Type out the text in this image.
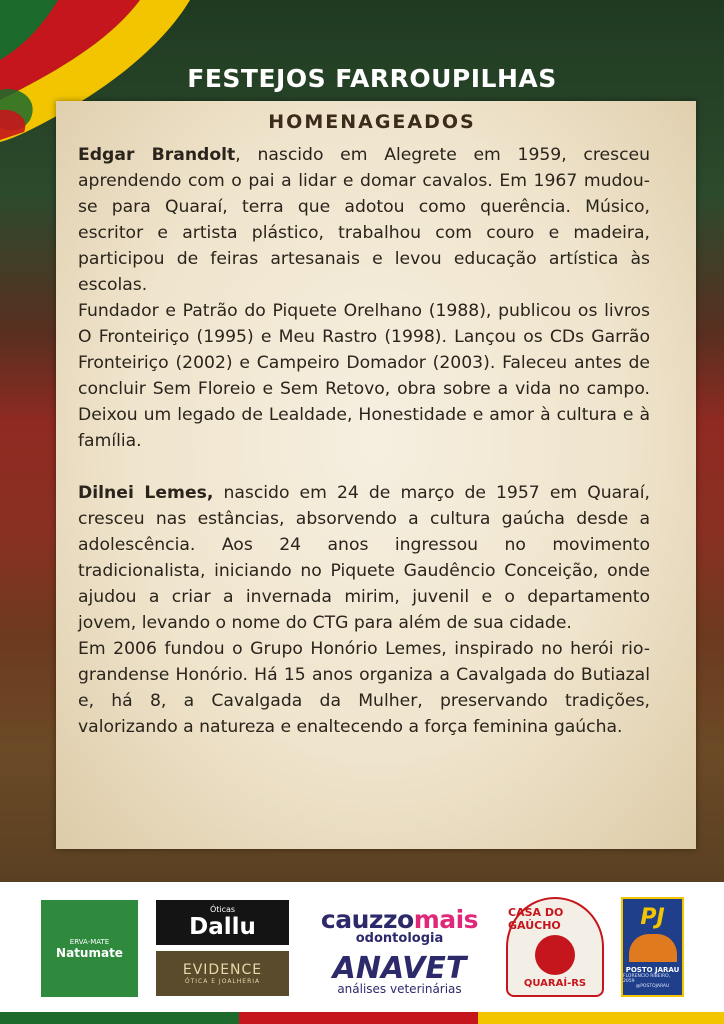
FESTEJOS FARROUPILHAS
HOMENAGEADOS

Edgar Brandolt, nascido em Alegrete em 1959, cresceu aprendendo com o pai a lidar e domar cavalos. Em 1967 mudou-se para Quaraí, terra que adotou como querência. Músico, escritor e artista plástico, trabalhou com couro e madeira, participou de feiras artesanais e levou educação artística às escolas.

Fundador e Patrão do Piquete Orelhano (1988), publicou os livros O Fronteiriço (1995) e Meu Rastro (1998). Lançou os CDs Garrão Fronteiriço (2002) e Campeiro Domador (2003). Faleceu antes de concluir Sem Floreio e Sem Retovo, obra sobre a vida no campo. Deixou um legado de Lealdade, Honestidade e amor à cultura e à família.

Dilnei Lemes, nascido em 24 de março de 1957 em Quaraí, cresceu nas estâncias, absorvendo a cultura gaúcha desde a adolescência. Aos 24 anos ingressou no movimento tradicionalista, iniciando no Piquete Gaudêncio Conceição, onde ajudou a criar a invernada mirim, juvenil e o departamento jovem, levando o nome do CTG para além de sua cidade.

Em 2006 fundou o Grupo Honório Lemes, inspirado no herói rio-grandense Honório. Há 15 anos organiza a Cavalgada do Butiazal e, há 8, a Cavalgada da Mulher, preservando tradições, valorizando a natureza e enaltecendo a força feminina gaúcha.

ERVA-MATE
Natumate
Óticas
Dallu
EVIDENCE
ÓTICA E JOALHERIA
cauzzomais
odontologia
ANAVET
análises veterinárias
CASA DO GAÚCHO
QUARAÍ-RS
PJ
POSTO JARAU
FLORENCIO RIBEIRO, 2059
@POSTOJARAU
